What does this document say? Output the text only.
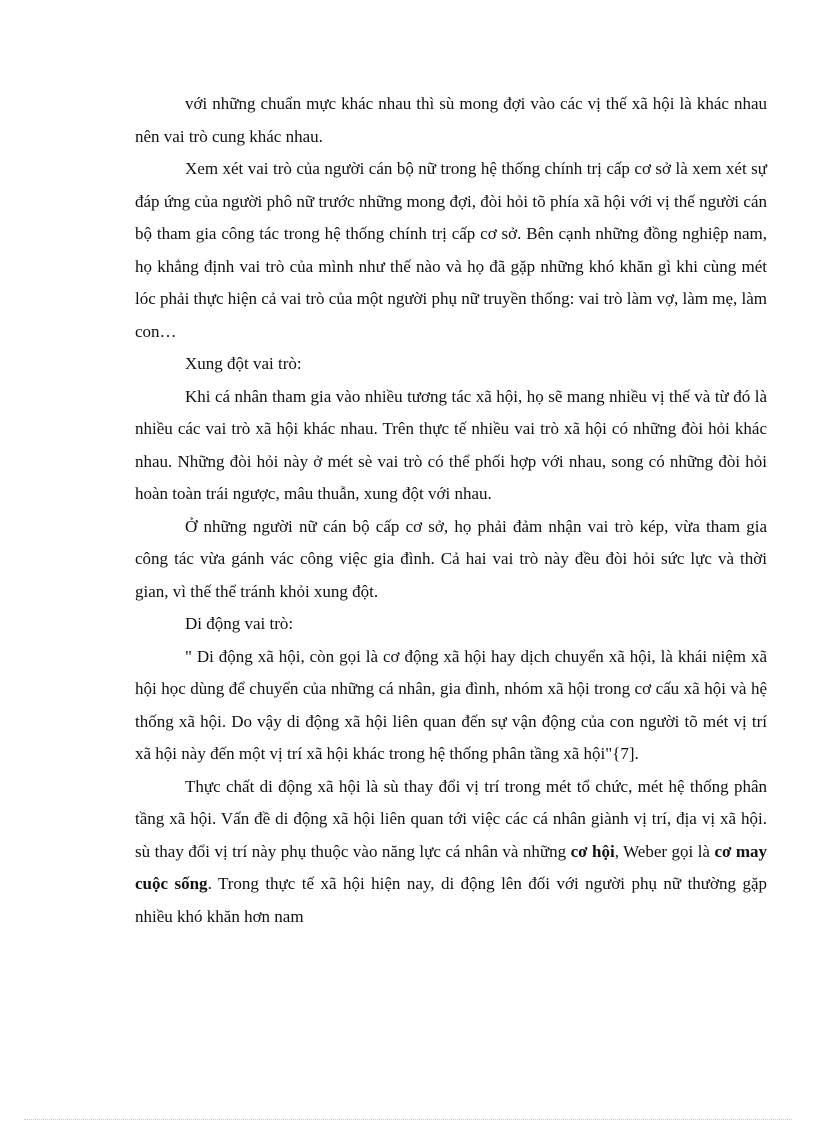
với những chuẩn mực khác nhau thì sù mong đợi vào các vị thế xã hội là khác nhau nên vai trò cung khác nhau.

Xem xét vai trò của người cán bộ nữ trong hệ thống chính trị cấp cơ sở là xem xét sự đáp ứng của người phô nữ trước những mong đợi, đòi hỏi tõ phía xã hội với vị thế người cán bộ tham gia công tác trong hệ thống chính trị cấp cơ sở. Bên cạnh những đồng nghiệp nam, họ khẳng định vai trò của mình như thế nào và họ đã gặp những khó khăn gì khi cùng mét lóc phải thực hiện cả vai trò của một người phụ nữ truyền thống: vai trò làm vợ, làm mẹ, làm con…

Xung đột vai trò:

Khi cá nhân tham gia vào nhiều tương tác xã hội, họ sẽ mang nhiều vị thế và từ đó là nhiều các vai trò xã hội khác nhau. Trên thực tế nhiều vai trò xã hội có những đòi hỏi khác nhau. Những đòi hỏi này ở mét sè vai trò có thể phối hợp với nhau, song có những đòi hỏi hoàn toàn trái ngược, mâu thuẫn, xung đột với nhau.

Ở những người nữ cán bộ cấp cơ sở, họ phải đảm nhận vai trò kép, vừa tham gia công tác vừa gánh vác công việc gia đình. Cả hai vai trò này đều đòi hỏi sức lực và thời gian, vì thế thể tránh khỏi xung đột.

Di động vai trò:

" Di động xã hội, còn gọi là cơ động xã hội hay dịch chuyển xã hội, là khái niệm xã hội học dùng để chuyển của những cá nhân, gia đình, nhóm xã hội trong cơ cấu xã hội và hệ thống xã hội. Do vậy di động xã hội liên quan đến sự vận động của con người tõ mét vị trí xã hội này đến một vị trí xã hội khác trong hệ thống phân tầng xã hội"{7].

Thực chất di động xã hội là sù thay đổi vị trí trong mét tổ chức, mét hệ thống phân tầng xã hội. Vấn đề di động xã hội liên quan tới việc các cá nhân giành vị trí, địa vị xã hội. sù thay đổi vị trí này phụ thuộc vào năng lực cá nhân và những cơ hội, Weber gọi là cơ may cuộc sống. Trong thực tế xã hội hiện nay, di động lên đối với người phụ nữ thường gặp nhiều khó khăn hơn nam
